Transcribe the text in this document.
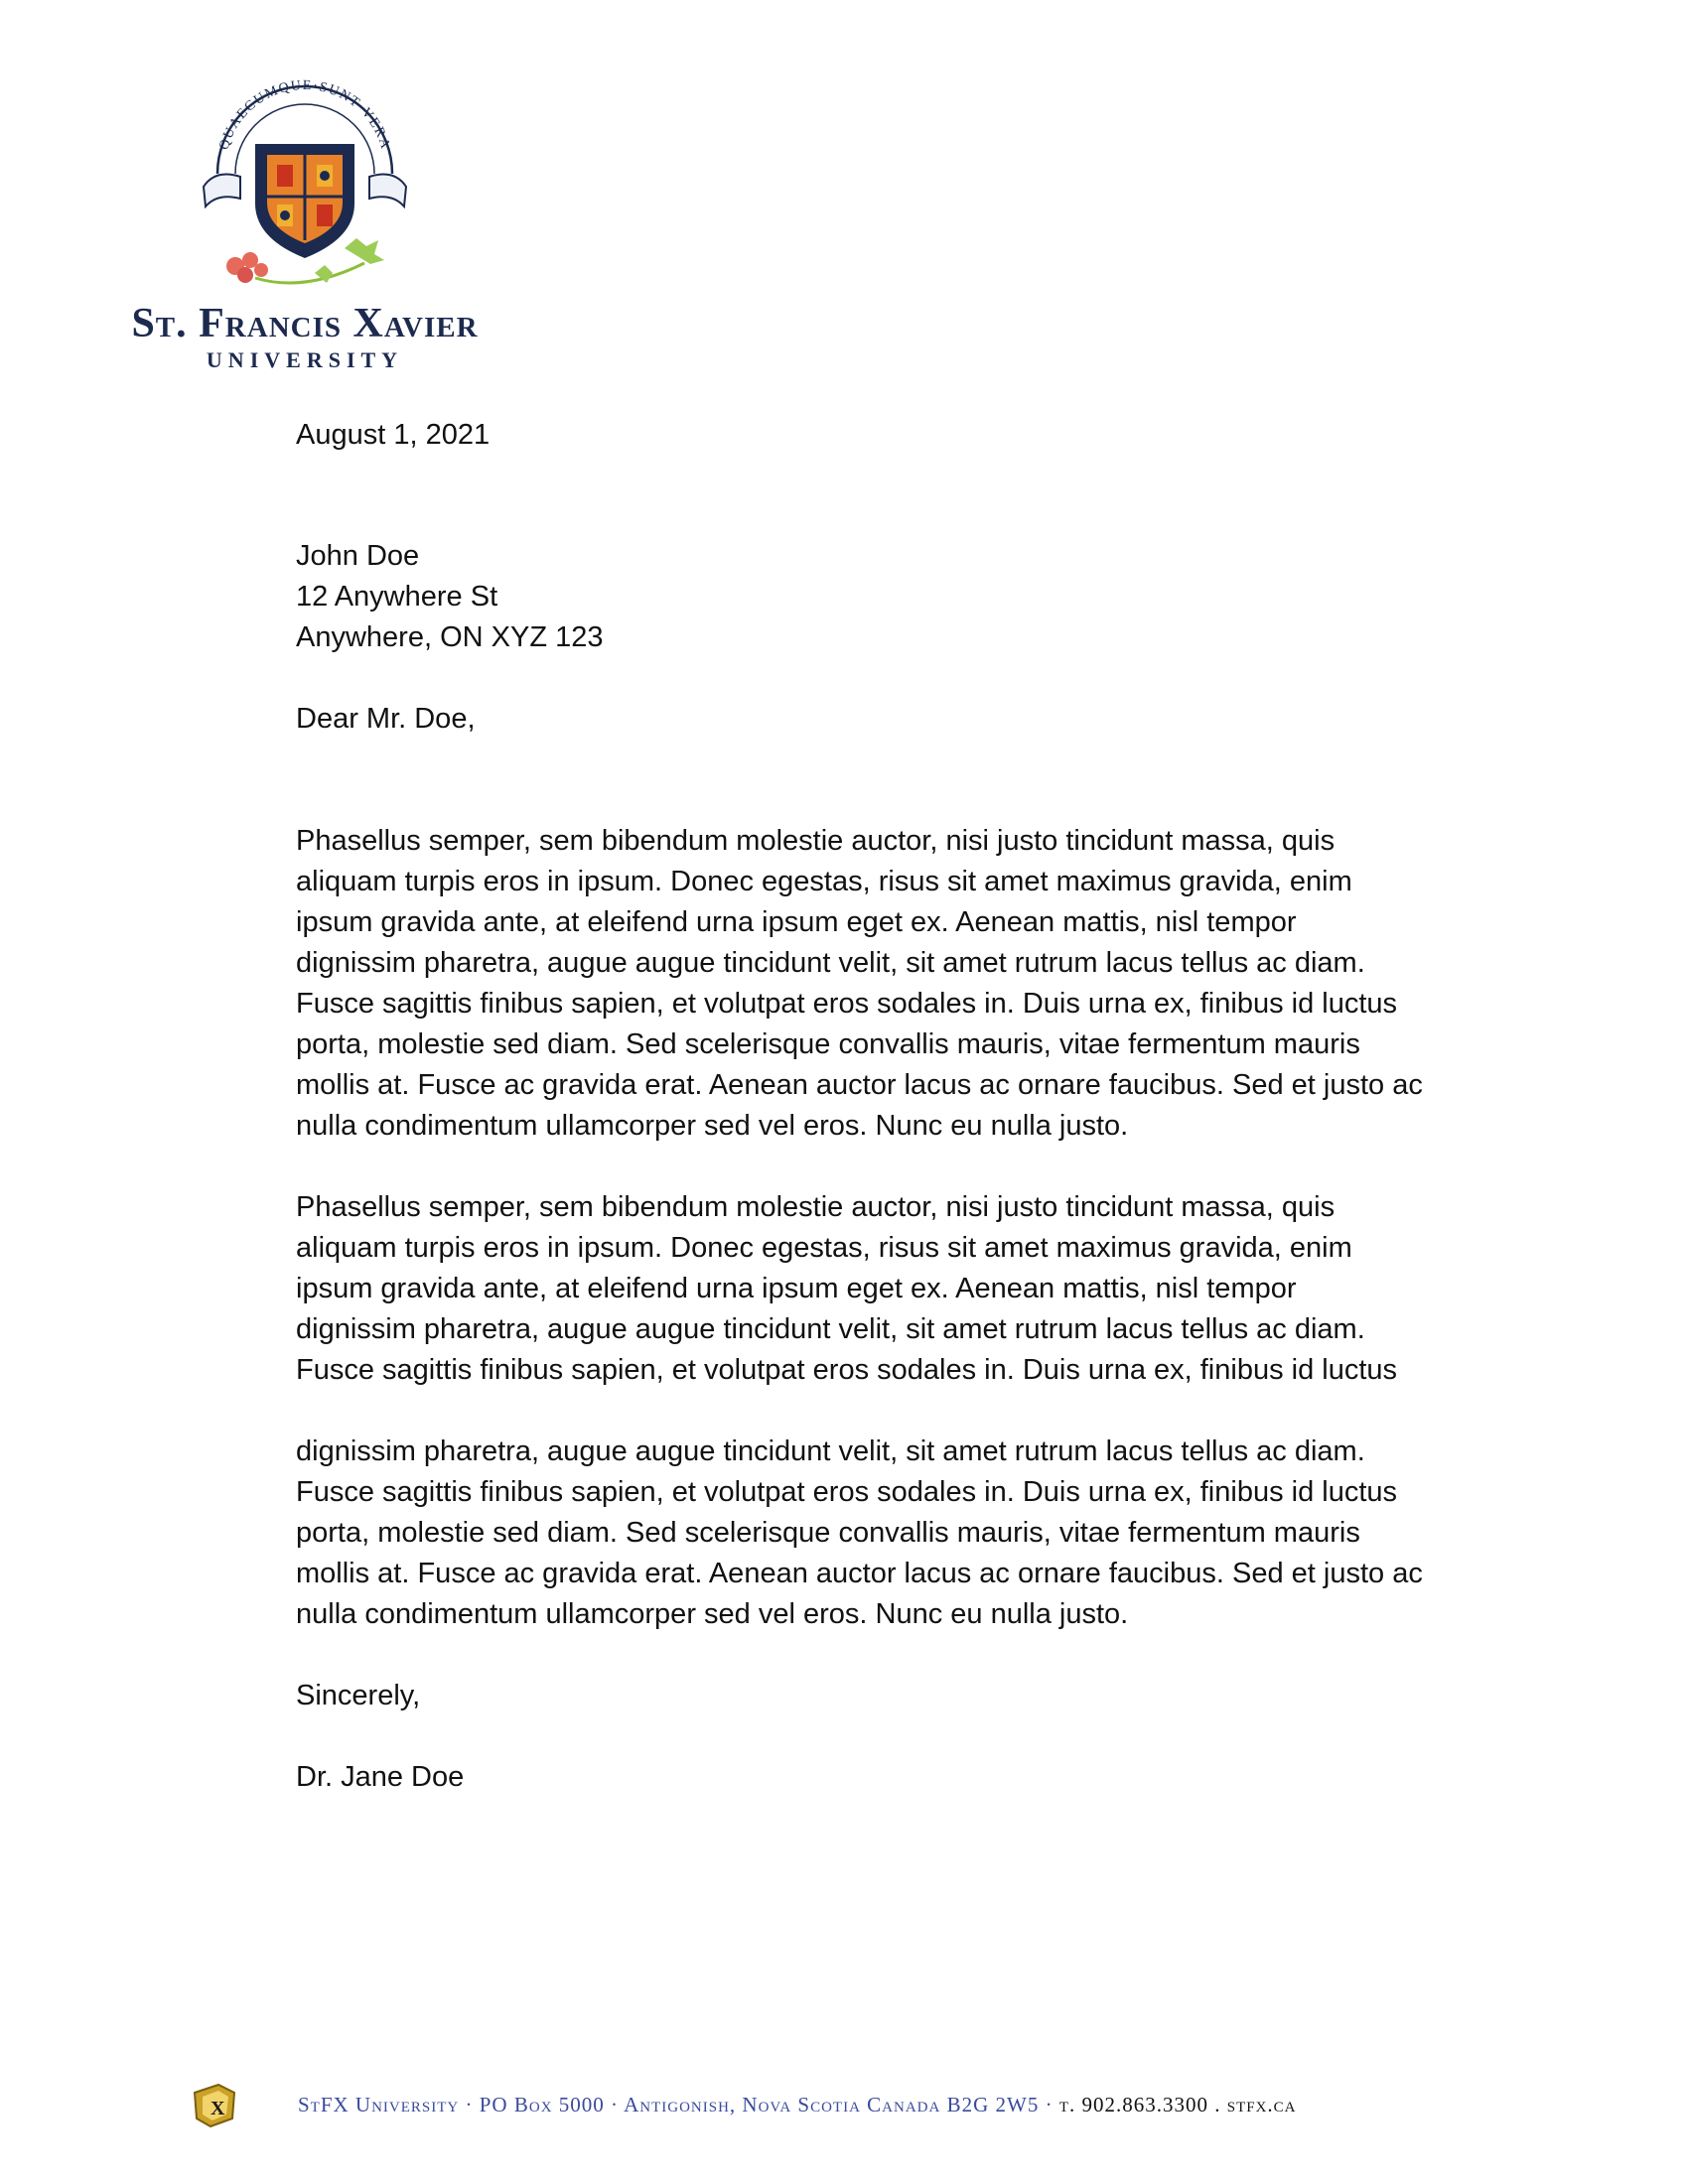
QUAECUMQUE·SUNT·VERA
St. Francis Xavier
UNIVERSITY
August 1, 2021
John Doe
12 Anywhere St
Anywhere, ON XYZ 123
Dear Mr. Doe,
Phasellus semper, sem bibendum molestie auctor, nisi justo tincidunt massa, quis
aliquam turpis eros in ipsum. Donec egestas, risus sit amet maximus gravida, enim
ipsum gravida ante, at eleifend urna ipsum eget ex. Aenean mattis, nisl tempor
dignissim pharetra, augue augue tincidunt velit, sit amet rutrum lacus tellus ac diam.
Fusce sagittis finibus sapien, et volutpat eros sodales in. Duis urna ex, finibus id luctus
porta, molestie sed diam. Sed scelerisque convallis mauris, vitae fermentum mauris
mollis at. Fusce ac gravida erat. Aenean auctor lacus ac ornare faucibus. Sed et justo ac
nulla condimentum ullamcorper sed vel eros. Nunc eu nulla justo.
Phasellus semper, sem bibendum molestie auctor, nisi justo tincidunt massa, quis
aliquam turpis eros in ipsum. Donec egestas, risus sit amet maximus gravida, enim
ipsum gravida ante, at eleifend urna ipsum eget ex. Aenean mattis, nisl tempor
dignissim pharetra, augue augue tincidunt velit, sit amet rutrum lacus tellus ac diam.
Fusce sagittis finibus sapien, et volutpat eros sodales in. Duis urna ex, finibus id luctus
dignissim pharetra, augue augue tincidunt velit, sit amet rutrum lacus tellus ac diam.
Fusce sagittis finibus sapien, et volutpat eros sodales in. Duis urna ex, finibus id luctus
porta, molestie sed diam. Sed scelerisque convallis mauris, vitae fermentum mauris
mollis at. Fusce ac gravida erat. Aenean auctor lacus ac ornare faucibus. Sed et justo ac
nulla condimentum ullamcorper sed vel eros. Nunc eu nulla justo.
Sincerely,
Dr. Jane Doe
X	StFX University · PO Box 5000 · Antigonish, Nova Scotia Canada B2G 2W5 · t. 902.863.3300 . stfx.ca
